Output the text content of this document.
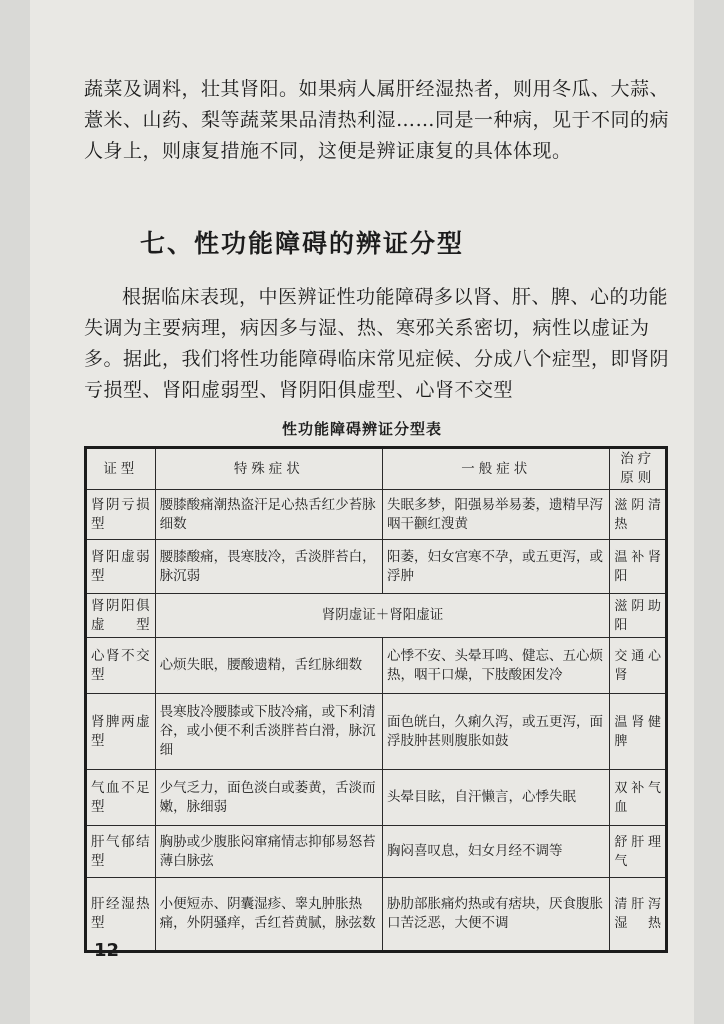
蔬菜及调料，壮其肾阳。如果病人属肝经湿热者，则用冬瓜、大蒜、薏米、山药、梨等蔬菜果品清热利湿……同是一种病，见于不同的病人身上，则康复措施不同，这便是辨证康复的具体体现。

七、性功能障碍的辨证分型

根据临床表现，中医辨证性功能障碍多以肾、肝、脾、心的功能失调为主要病理，病因多与湿、热、寒邪关系密切，病性以虚证为多。据此，我们将性功能障碍临床常见症候、分成八个症型，即肾阴亏损型、肾阳虚弱型、肾阴阳俱虚型、心肾不交型

性功能障碍辨证分型表
证型	特殊症状	一般症状	治疗原则
肾阴亏损型	腰膝酸痛潮热盗汗足心热舌红少苔脉细数	失眠多梦，阳强易举易萎，遗精早泻咽干颧红溲黄	滋阴清热
肾阳虚弱型	腰膝酸痛，畏寒肢冷，舌淡胖苔白，脉沉弱	阳萎，妇女宫寒不孕，或五更泻，或浮肿	温补肾阳
肾阴阳俱虚型	肾阴虚证＋肾阳虚证		滋阴助阳
心肾不交型	心烦失眠，腰酸遗精，舌红脉细数	心悸不安、头晕耳鸣、健忘、五心烦热，咽干口燥，下肢酸困发冷	交通心肾
肾脾两虚型	畏寒肢冷腰膝或下肢冷痛，或下利清谷，或小便不利舌淡胖苔白滑，脉沉细	面色㿠白，久痢久泻，或五更泻，面浮肢肿甚则腹胀如鼓	温肾健脾
气血不足型	少气乏力，面色淡白或萎黄，舌淡而嫩，脉细弱	头晕目眩，自汗懒言，心悸失眠	双补气血
肝气郁结型	胸胁或少腹胀闷窜痛情志抑郁易怒苔薄白脉弦	胸闷喜叹息，妇女月经不调等	舒肝理气
肝经湿热型	小便短赤、阴囊湿疹、睾丸肿胀热痛，外阴骚痒，舌红苔黄腻，脉弦数	胁肋部胀痛灼热或有痞块，厌食腹胀口苦泛恶，大便不调	清肝泻湿热
12
